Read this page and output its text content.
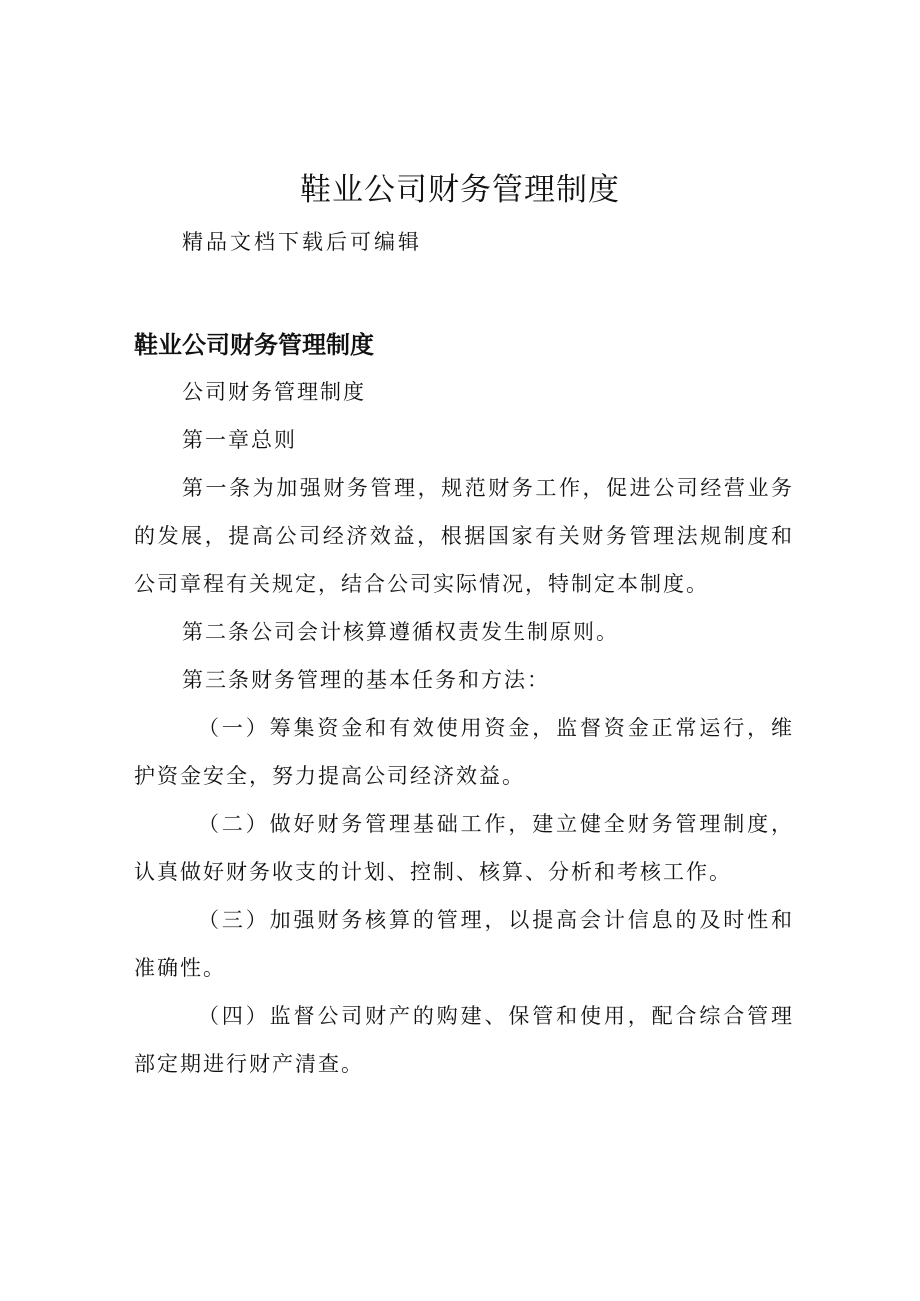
鞋业公司财务管理制度
精品文档下载后可编辑
鞋业公司财务管理制度

公司财务管理制度

第一章总则

第一条为加强财务管理，规范财务工作，促进公司经营业务的发展，提高公司经济效益，根据国家有关财务管理法规制度和公司章程有关规定，结合公司实际情况，特制定本制度。

第二条公司会计核算遵循权责发生制原则。

第三条财务管理的基本任务和方法：

（一）筹集资金和有效使用资金，监督资金正常运行，维护资金安全，努力提高公司经济效益。

（二）做好财务管理基础工作，建立健全财务管理制度，认真做好财务收支的计划、控制、核算、分析和考核工作。

（三）加强财务核算的管理，以提高会计信息的及时性和准确性。

（四）监督公司财产的购建、保管和使用，配合综合管理部定期进行财产清查。
